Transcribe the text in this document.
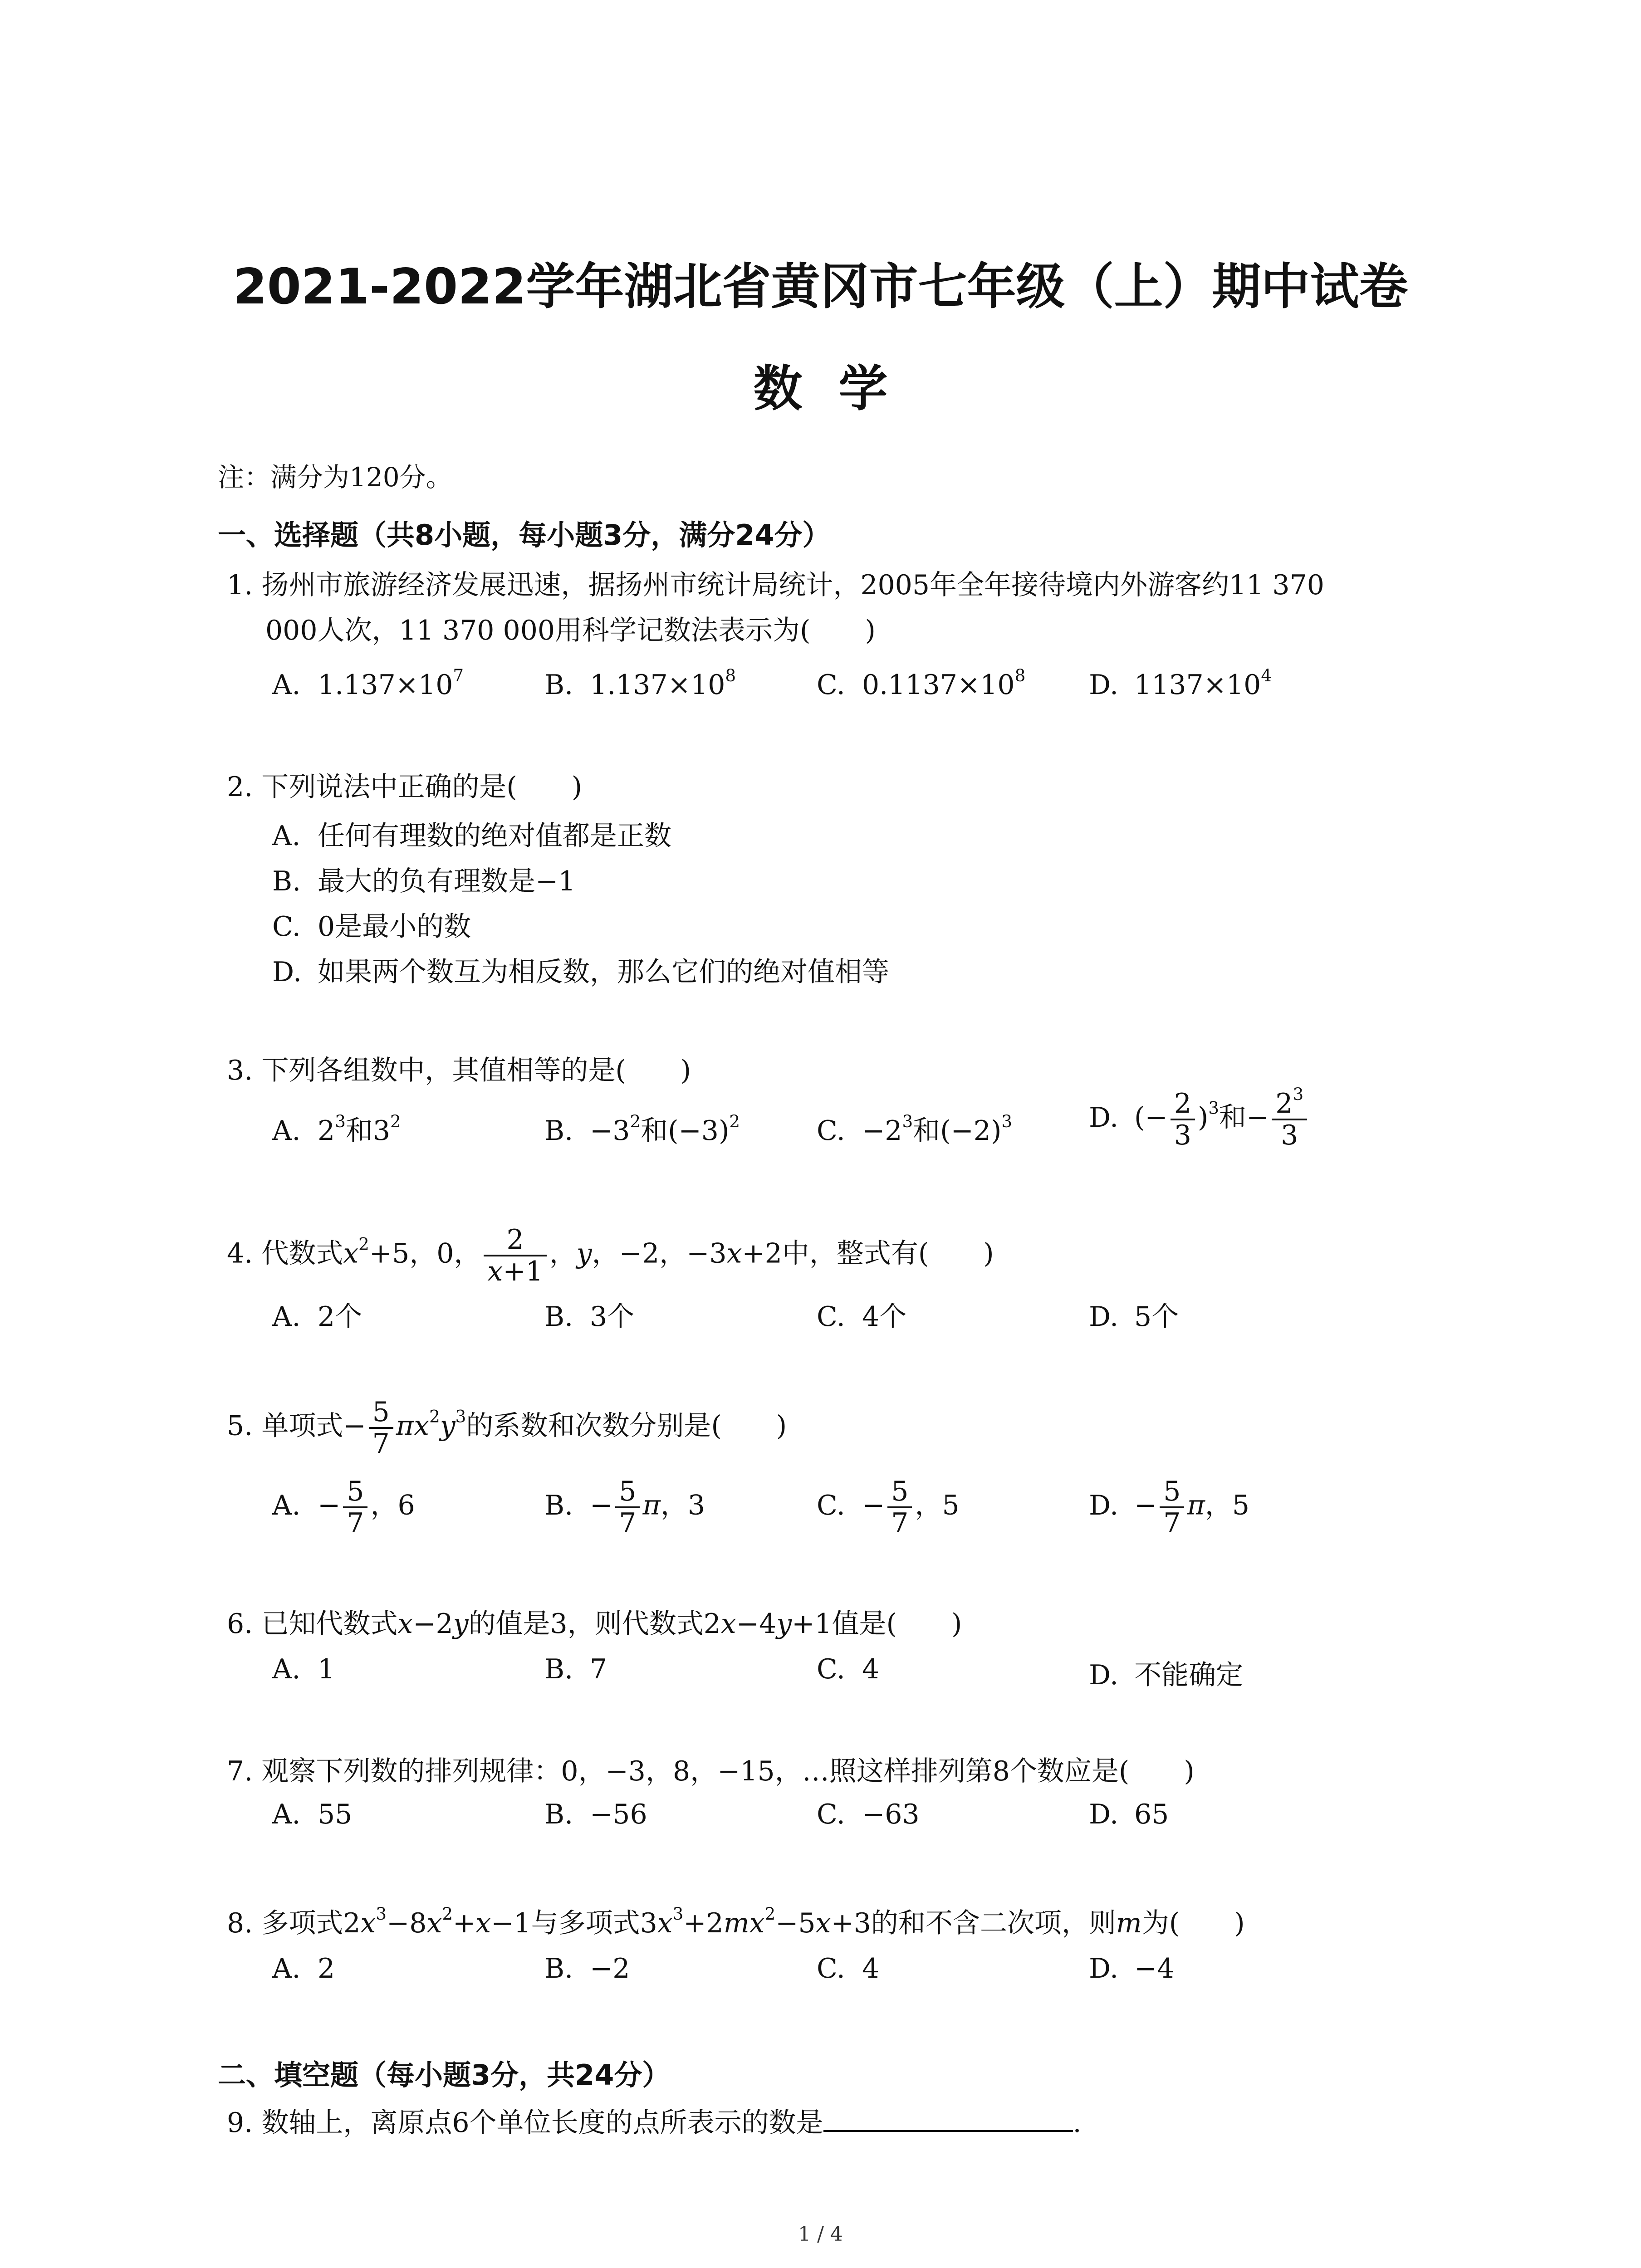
2021-2022学年湖北省黄冈市七年级（上）期中试卷
数学
注：满分为120分。
一、选择题（共8小题，每小题3分，满分24分）
1. 扬州市旅游经济发展迅速，据扬州市统计局统计，2005年全年接待境内外游客约11 370
000人次，11 370 000用科学记数法表示为(　　)
A. $1.137\times 10^7$	B. $1.137\times 10^8$	C. $0.1137\times 10^8$ D. $1137\times 10^4$
2. 下列说法中正确的是(　　)
A. 任何有理数的绝对值都是正数
B. 最大的负有理数是−1
C. 0是最小的数
D. 如果两个数互为相反数，那么它们的绝对值相等
3. 下列各组数中，其值相等的是(　　)
A. $2^3$和$3^2$	B. $-3^2$和$(-3)^2$	C. $-2^3$和$(-2)^3$	D. (− $\frac{2}{3} )^3$和− $\frac{2^3}{3}$
4. 代数式$x^2+5$，0， $\frac{2}{x+1}$ ，y，−2，−3x+2中，整式有(　　)
A. 2个	B. 3个	C. 4个	D. 5个
5. 单项式− $\frac{5}{7} \pi x^2y^3$的系数和次数分别是(　　)
A. − $\frac{5}{7}$ ，6	B. − $\frac{5}{7}$ π，3	C. − $\frac{5}{7}$ ，5	D. − $\frac{5}{7}$ π，5
6. 已知代数式x−2y的值是3，则代数式2x−4y+1值是(　　)
A. 1	B. 7	C. 4	D. 不能确定
7. 观察下列数的排列规律：0，−3，8，−15，…照这样排列第8个数应是(　　)
A. 55	B. −56	C. −63	D. 65
8. 多项式$2x^3-8x^2+x-1$与多项式$3x^3+2mx^2-5x+3$的和不含二次项，则m为(　　)
A. 2	B. −2	C. 4	D. −4
二、填空题（每小题3分，共24分）
9. 数轴上，离原点6个单位长度的点所表示的数是	.
1 / 4
